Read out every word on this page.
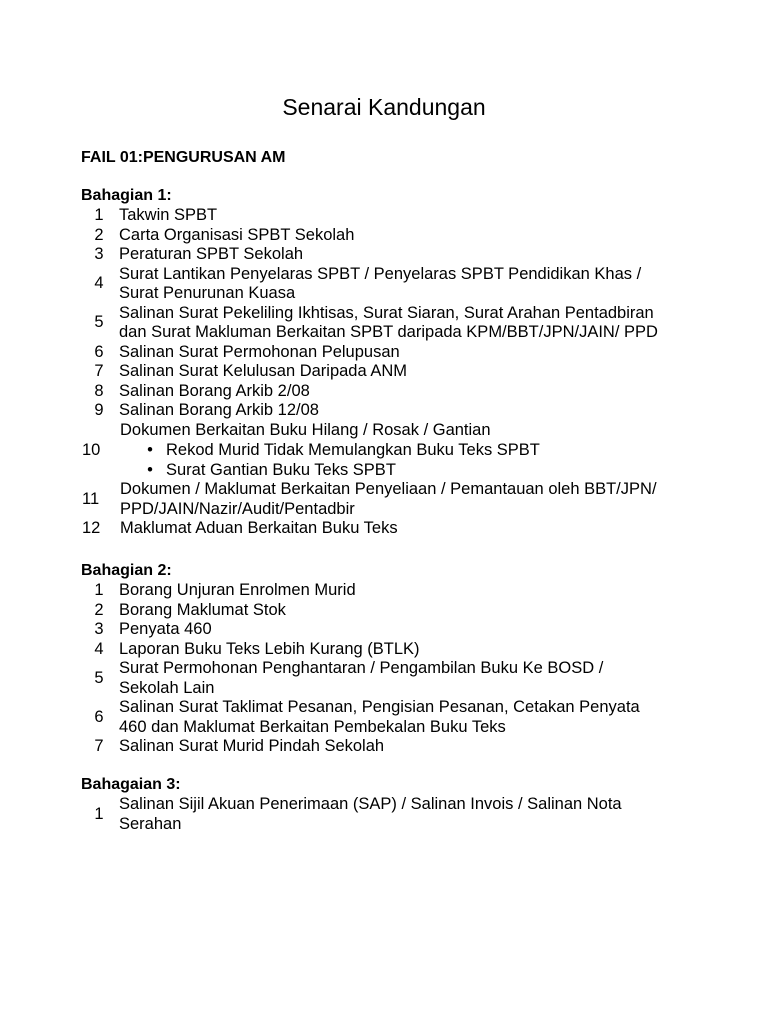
Senarai Kandungan
FAIL 01:PENGURUSAN AM
Bahagian 1:
1 Takwin SPBT
2 Carta Organisasi SPBT Sekolah
3 Peraturan SPBT Sekolah
4
Surat Lantikan Penyelaras SPBT / Penyelaras SPBT Pendidikan Khas /
Surat Penurunan Kuasa
5
Salinan Surat Pekeliling Ikhtisas, Surat Siaran, Surat Arahan Pentadbiran
dan Surat Makluman Berkaitan SPBT daripada KPM/BBT/JPN/JAIN/ PPD
6 Salinan Surat Permohonan Pelupusan
7 Salinan Surat Kelulusan Daripada ANM
8 Salinan Borang Arkib 2/08
9 Salinan Borang Arkib 12/08
10
Dokumen Berkaitan Buku Hilang / Rosak / Gantian
• Rekod Murid Tidak Memulangkan Buku Teks SPBT
• Surat Gantian Buku Teks SPBT
11
Dokumen / Maklumat Berkaitan Penyeliaan / Pemantauan oleh BBT/JPN/
PPD/JAIN/Nazir/Audit/Pentadbir
12	Maklumat Aduan Berkaitan Buku Teks
Bahagian 2:
1 Borang Unjuran Enrolmen Murid
2 Borang Maklumat Stok
3 Penyata 460
4 Laporan Buku Teks Lebih Kurang (BTLK)
5
Surat Permohonan Penghantaran / Pengambilan Buku Ke BOSD /
Sekolah Lain
6
Salinan Surat Taklimat Pesanan, Pengisian Pesanan, Cetakan Penyata
460 dan Maklumat Berkaitan Pembekalan Buku Teks
7 Salinan Surat Murid Pindah Sekolah
Bahagaian 3:
1
Salinan Sijil Akuan Penerimaan (SAP) / Salinan Invois / Salinan Nota
Serahan
